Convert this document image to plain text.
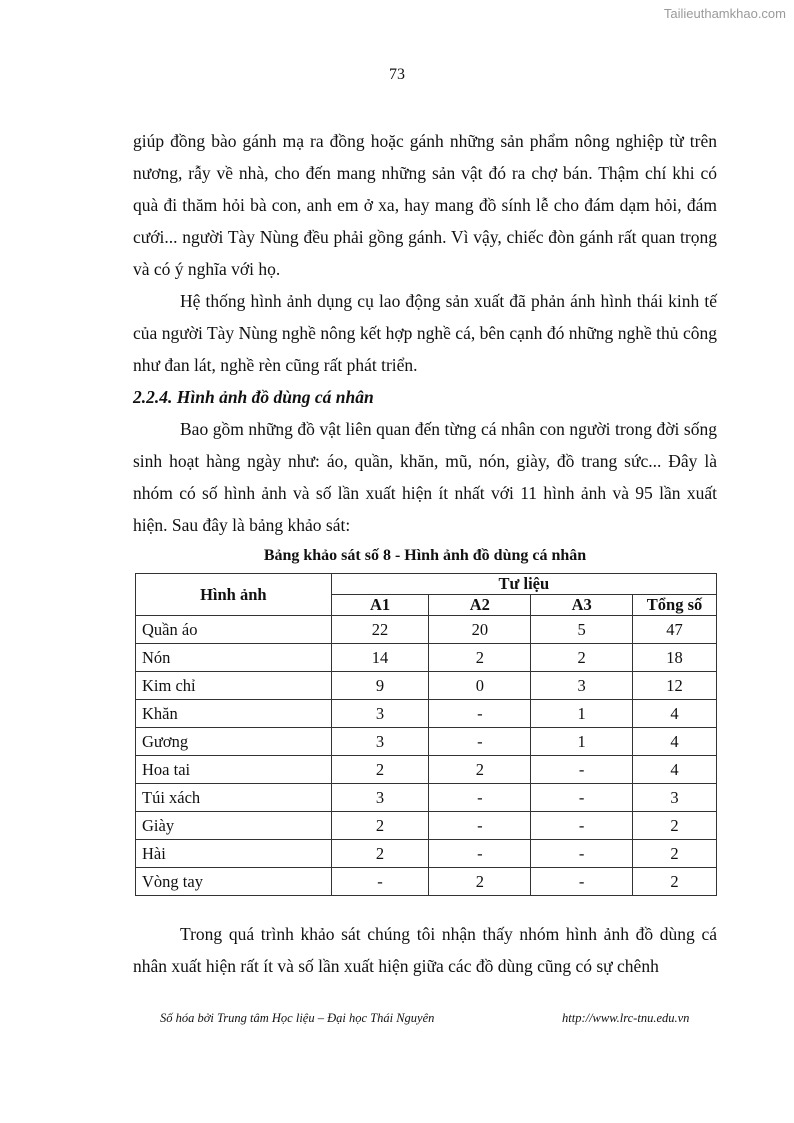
Tailieuthamkhao.com
73

giúp đồng bào gánh mạ ra đồng hoặc gánh những sản phẩm nông nghiệp từ trên nương, rẫy về nhà, cho đến mang những sản vật đó ra chợ bán. Thậm chí khi có quà đi thăm hỏi bà con, anh em ở xa, hay mang đồ sính lễ cho đám dạm hỏi, đám cưới... người Tày Nùng đều phải gồng gánh. Vì vậy, chiếc đòn gánh rất quan trọng và có ý nghĩa với họ.

Hệ thống hình ảnh dụng cụ lao động sản xuất đã phản ánh hình thái kinh tế của người Tày Nùng nghề nông kết hợp nghề cá, bên cạnh đó những nghề thủ công như đan lát, nghề rèn cũng rất phát triển.

2.2.4. Hình ảnh đồ dùng cá nhân

Bao gồm những đồ vật liên quan đến từng cá nhân con người trong đời sống sinh hoạt hàng ngày như: áo, quần, khăn, mũ, nón, giày, đồ trang sức... Đây là nhóm có số hình ảnh và số lần xuất hiện ít nhất với 11 hình ảnh và 95 lần xuất hiện. Sau đây là bảng khảo sát:

Bảng khảo sát số 8 - Hình ảnh đồ dùng cá nhân

Hình ảnh	Tư liệu			
	A1	A2	A3	Tổng số
Quần áo	22	20	5	47
Nón	14	2	2	18
Kim chỉ	9	0	3	12
Khăn	3	-	1	4
Gương	3	-	1	4
Hoa tai	2	2	-	4
Túi xách	3	-	-	3
Giày	2	-	-	2
Hài	2	-	-	2
Vòng tay	-	2	-	2

Trong quá trình khảo sát chúng tôi nhận thấy nhóm hình ảnh đồ dùng cá nhân xuất hiện rất ít và số lần xuất hiện giữa các đồ dùng cũng có sự chênh

Số hóa bởi Trung tâm Học liệu – Đại học Thái Nguyên	http://www.lrc-tnu.edu.vn
